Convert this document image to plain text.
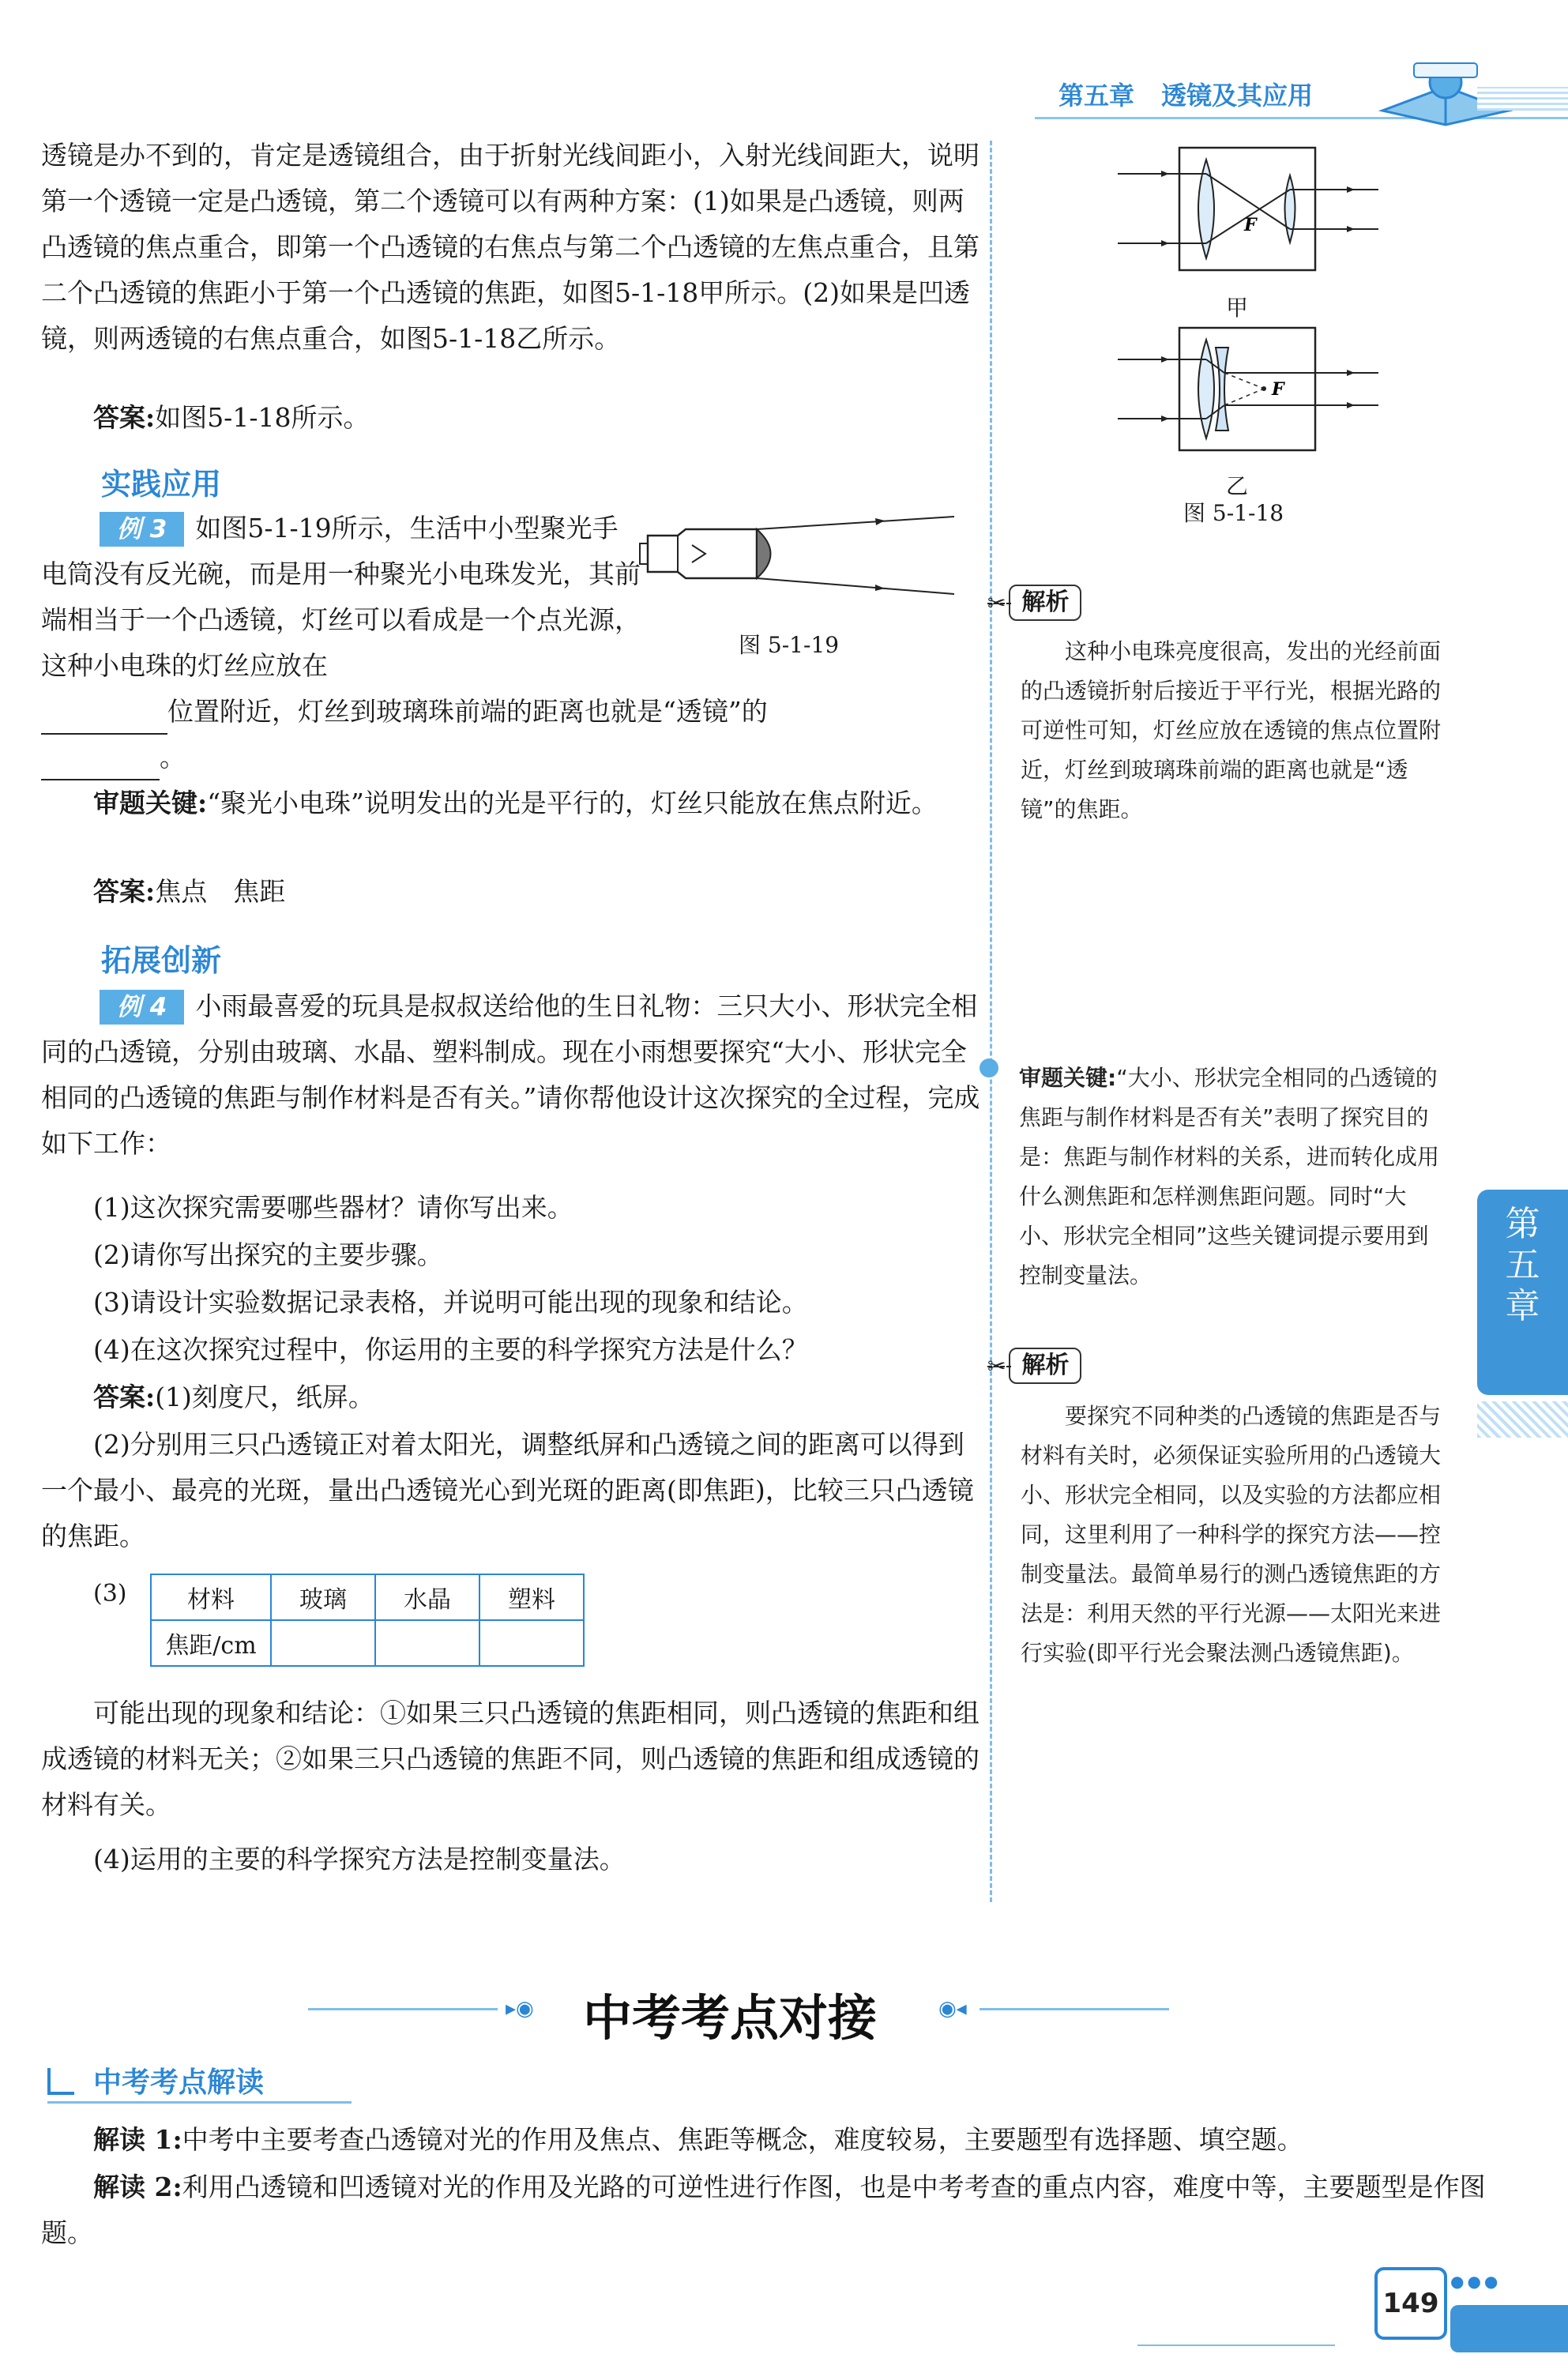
第五章 透镜及其应用

透镜是办不到的，肯定是透镜组合，由于折射光线间距小，入射光线间距大，说明第一个透镜一定是凸透镜，第二个透镜可以有两种方案：(1)如果是凸透镜，则两凸透镜的焦点重合，即第一个凸透镜的右焦点与第二个凸透镜的左焦点重合，且第二个凸透镜的焦距小于第一个凸透镜的焦距，如图5-1-18甲所示。(2)如果是凹透镜，则两透镜的右焦点重合，如图5-1-18乙所示。

答案:如图5-1-18所示。

F
甲
F
乙
图 5-1-18
实践应用
例 3 如图5-1-19所示，生活中小型聚光手电筒没有反光碗，而是用一种聚光小电珠发光，其前端相当于一个凸透镜，灯丝可以看成是一个点光源，这种小电珠的灯丝应放在
位置附近，灯丝到玻璃珠前端的距离也就是“透镜”的
。
图 5-1-19

审题关键:“聚光小电珠”说明发出的光是平行的，灯丝只能放在焦点附近。

答案:焦点　焦距

✂ 解析

这种小电珠亮度很高，发出的光经前面的凸透镜折射后接近于平行光，根据光路的可逆性可知，灯丝应放在透镜的焦点位置附近，灯丝到玻璃珠前端的距离也就是“透镜”的焦距。

拓展创新

例 4 小雨最喜爱的玩具是叔叔送给他的生日礼物：三只大小、形状完全相同的凸透镜，分别由玻璃、水晶、塑料制成。现在小雨想要探究“大小、形状完全相同的凸透镜的焦距与制作材料是否有关。”请你帮他设计这次探究的全过程，完成如下工作：

(1)这次探究需要哪些器材？请你写出来。

(2)请你写出探究的主要步骤。

(3)请设计实验数据记录表格，并说明可能出现的现象和结论。

(4)在这次探究过程中，你运用的主要的科学探究方法是什么？

答案:(1)刻度尺，纸屏。

(2)分别用三只凸透镜正对着太阳光，调整纸屏和凸透镜之间的距离可以得到一个最小、最亮的光斑，量出凸透镜光心到光斑的距离(即焦距)，比较三只凸透镜的焦距。

(3)	材料	玻璃	水晶	塑料
焦距/cm			

可能出现的现象和结论：①如果三只凸透镜的焦距相同，则凸透镜的焦距和组成透镜的材料无关；②如果三只凸透镜的焦距不同，则凸透镜的焦距和组成透镜的材料有关。

(4)运用的主要的科学探究方法是控制变量法。

审题关键:“大小、形状完全相同的凸透镜的焦距与制作材料是否有关”表明了探究目的是：焦距与制作材料的关系，进而转化成用什么测焦距和怎样测焦距问题。同时“大小、形状完全相同”这些关键词提示要用到控制变量法。

✂ 解析

要探究不同种类的凸透镜的焦距是否与材料有关时，必须保证实验所用的凸透镜大小、形状完全相同，以及实验的方法都应相同，这里利用了一种科学的探究方法——控制变量法。最简单易行的测凸透镜焦距的方法是：利用天然的平行光源——太阳光来进行实验(即平行光会聚法测凸透镜焦距)。

第
五
章
▸◉ 中考考点对接	◉◂
中考考点解读

解读 1:中考中主要考查凸透镜对光的作用及焦点、焦距等概念，难度较易，主要题型有选择题、填空题。

解读 2:利用凸透镜和凹透镜对光的作用及光路的可逆性进行作图，也是中考考查的重点内容，难度中等，主要题型是作图题。

149
●●●
